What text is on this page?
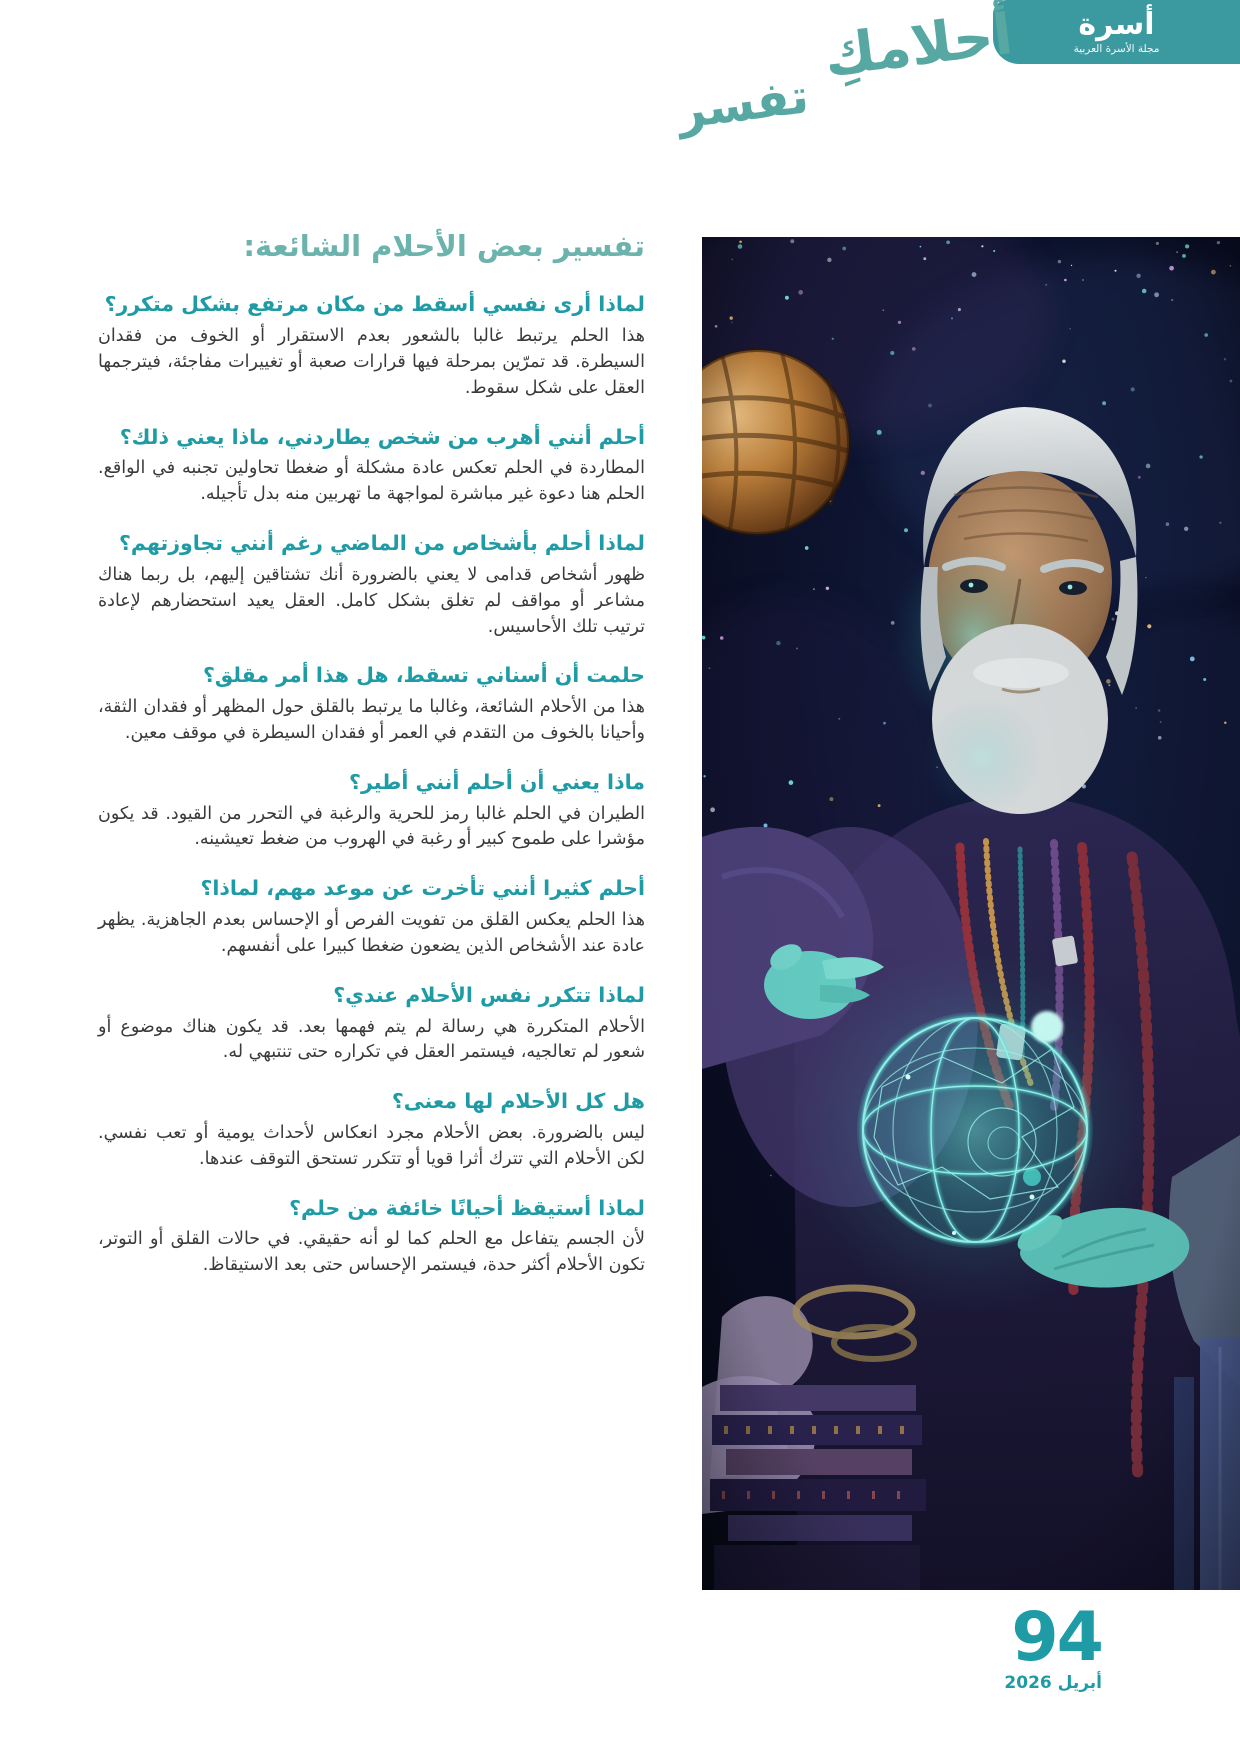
أسرة
مجلة الأسرة العربية
أحلامكِ تفسر
تفسير بعض الأحلام الشائعة:
لماذا أرى نفسي أسقط من مكان مرتفع بشكل متكرر؟

هذا الحلم يرتبط غالبا بالشعور بعدم الاستقرار أو الخوف من فقدان السيطرة. قد تمرّين بمرحلة فيها قرارات صعبة أو تغييرات مفاجئة، فيترجمها العقل على شكل سقوط.

أحلم أنني أهرب من شخص يطاردني، ماذا يعني ذلك؟

المطاردة في الحلم تعكس عادة مشكلة أو ضغطا تحاولين تجنبه في الواقع. الحلم هنا دعوة غير مباشرة لمواجهة ما تهربين منه بدل تأجيله.

لماذا أحلم بأشخاص من الماضي رغم أنني تجاوزتهم؟

ظهور أشخاص قدامى لا يعني بالضرورة أنك تشتاقين إليهم، بل ربما هناك مشاعر أو مواقف لم تغلق بشكل كامل. العقل يعيد استحضارهم لإعادة ترتيب تلك الأحاسيس.

حلمت أن أسناني تسقط، هل هذا أمر مقلق؟

هذا من الأحلام الشائعة، وغالبا ما يرتبط بالقلق حول المظهر أو فقدان الثقة، وأحيانا بالخوف من التقدم في العمر أو فقدان السيطرة في موقف معين.

ماذا يعني أن أحلم أنني أطير؟

الطيران في الحلم غالبا رمز للحرية والرغبة في التحرر من القيود. قد يكون مؤشرا على طموح كبير أو رغبة في الهروب من ضغط تعيشينه.

أحلم كثيرا أنني تأخرت عن موعد مهم، لماذا؟

هذا الحلم يعكس القلق من تفويت الفرص أو الإحساس بعدم الجاهزية. يظهر عادة عند الأشخاص الذين يضعون ضغطا كبيرا على أنفسهم.

لماذا تتكرر نفس الأحلام عندي؟

الأحلام المتكررة هي رسالة لم يتم فهمها بعد. قد يكون هناك موضوع أو شعور لم تعالجيه، فيستمر العقل في تكراره حتى تنتبهي له.

هل كل الأحلام لها معنى؟

ليس بالضرورة. بعض الأحلام مجرد انعكاس لأحداث يومية أو تعب نفسي. لكن الأحلام التي تترك أثرا قويا أو تتكرر تستحق التوقف عندها.

لماذا أستيقظ أحيانًا خائفة من حلم؟

لأن الجسم يتفاعل مع الحلم كما لو أنه حقيقي. في حالات القلق أو التوتر، تكون الأحلام أكثر حدة، فيستمر الإحساس حتى بعد الاستيقاظ.

94
أبريل 2026
